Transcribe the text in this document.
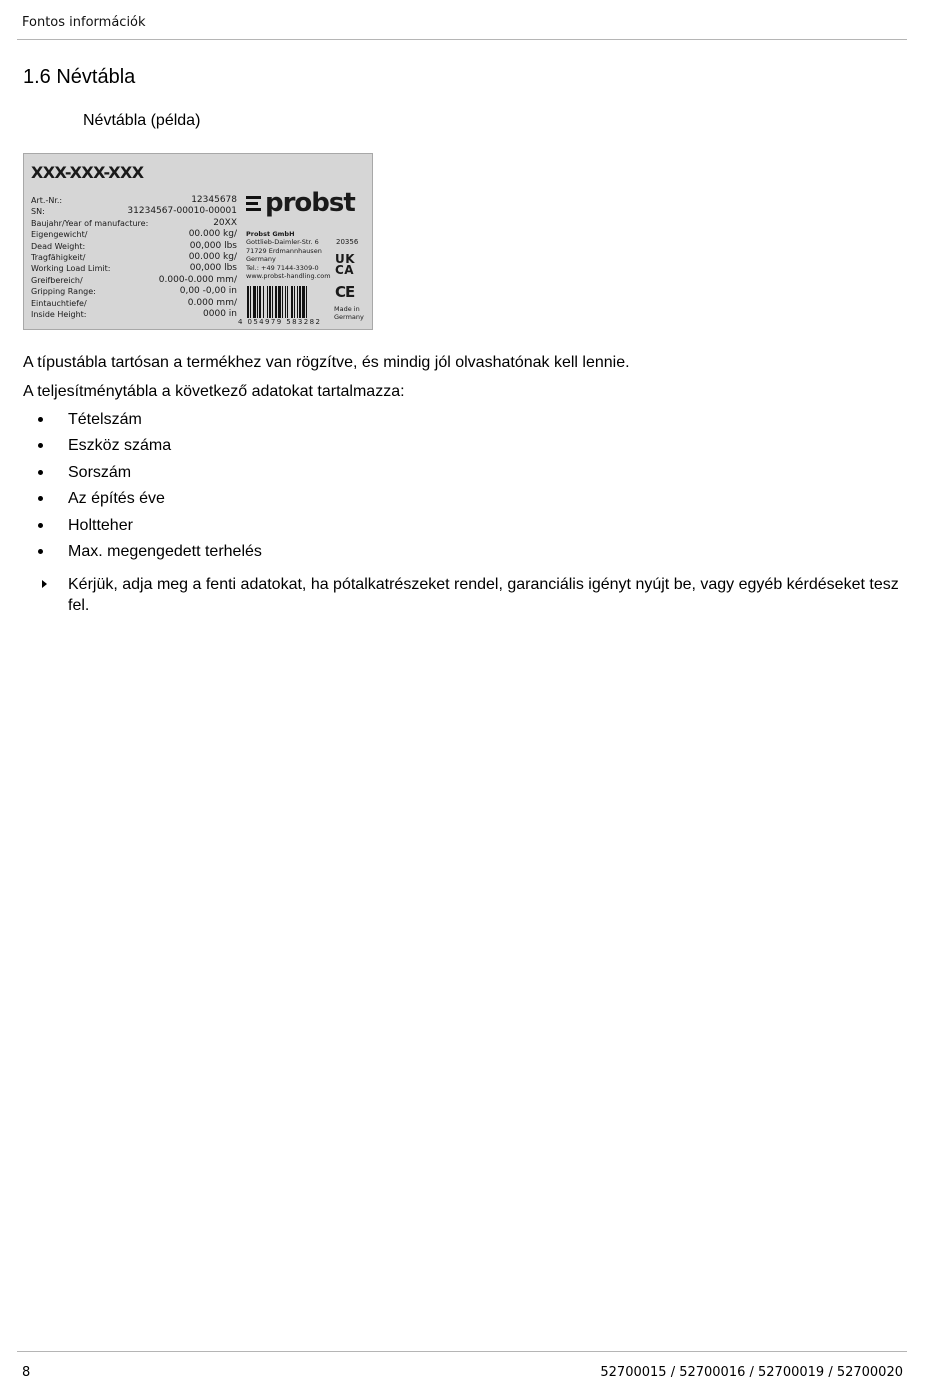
Fontos információk
1.6 Névtábla
Névtábla (példa)
XXX-XXX-XXX
Art.-Nr.:	12345678
SN:	31234567-00010-00001
Baujahr/Year of manufacture:	20XX
Eigengewicht/	00.000 kg/
Dead Weight:	00,000 lbs
Tragfähigkeit/	00.000 kg/
Working Load Limit:	00,000 lbs
Greifbereich/	0.000-0.000 mm/
Gripping Range:	0,00 -0,00 in
Eintauchtiefe/	0.000 mm/
Inside Height:	0000 in
probst
Probst GmbH
Gottlieb-Daimler-Str. 6
71729 Erdmannhausen
Germany
Tel.: +49 7144-3309-0
www.probst-handling.com
20356
UK
CA
CE
Made in
Germany
4 054979 583282
A típustábla tartósan a termékhez van rögzítve, és mindig jól olvashatónak kell lennie.
A teljesítménytábla a következő adatokat tartalmazza:
Tételszám
Eszköz száma
Sorszám
Az építés éve
Holtteher
Max. megengedett terhelés
Kérjük, adja meg a fenti adatokat, ha pótalkatrészeket rendel, garanciális igényt nyújt be, vagy egyéb kérdéseket tesz fel.
8	52700015 / 52700016 / 52700019 / 52700020
